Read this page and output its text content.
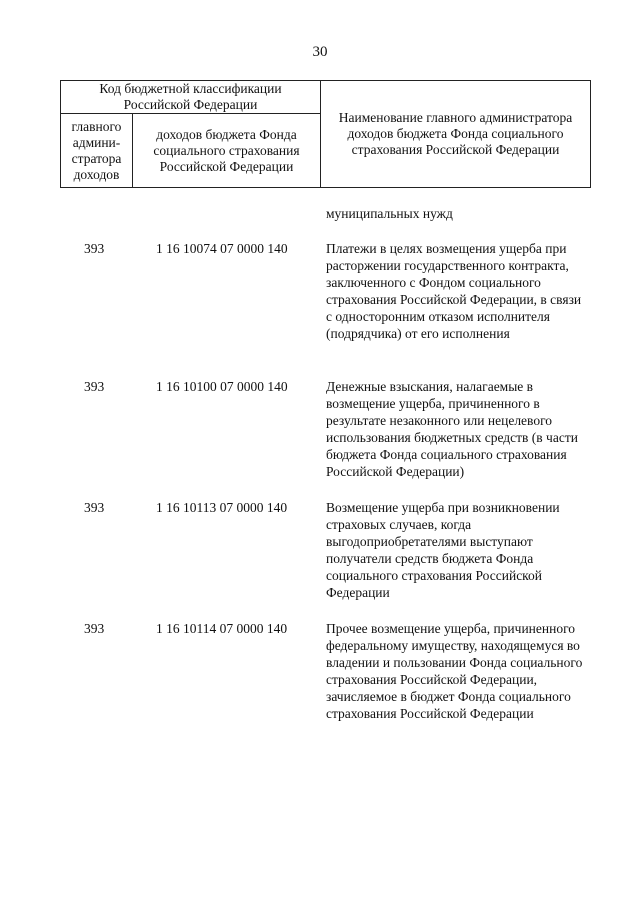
30
Код бюджетной классификации Российской Федерации		Наименование главного администратора доходов бюджета Фонда социального страхования Российской Федерации
главного админи-стратора доходов	доходов бюджета Фонда социального страхования Российской Федерации	
муниципальных нужд
393	1 16 10074 07 0000 140	Платежи в целях возмещения ущерба при расторжении государственного контракта, заключенного с Фондом социального страхования Российской Федерации, в связи с односторонним отказом исполнителя (подрядчика) от его исполнения
393	1 16 10100 07 0000 140	Денежные взыскания, налагаемые в возмещение ущерба, причиненного в результате незаконного или нецелевого использования бюджетных средств (в части бюджета Фонда социального страхования Российской Федерации)
393	1 16 10113 07 0000 140	Возмещение ущерба при возникновении страховых случаев, когда выгодоприобретателями выступают получатели средств бюджета Фонда социального страхования Российской Федерации
393	1 16 10114 07 0000 140	Прочее возмещение ущерба, причиненного федеральному имуществу, находящемуся во владении и пользовании Фонда социального страхования Российской Федерации, зачисляемое в бюджет Фонда социального страхования Российской Федерации
